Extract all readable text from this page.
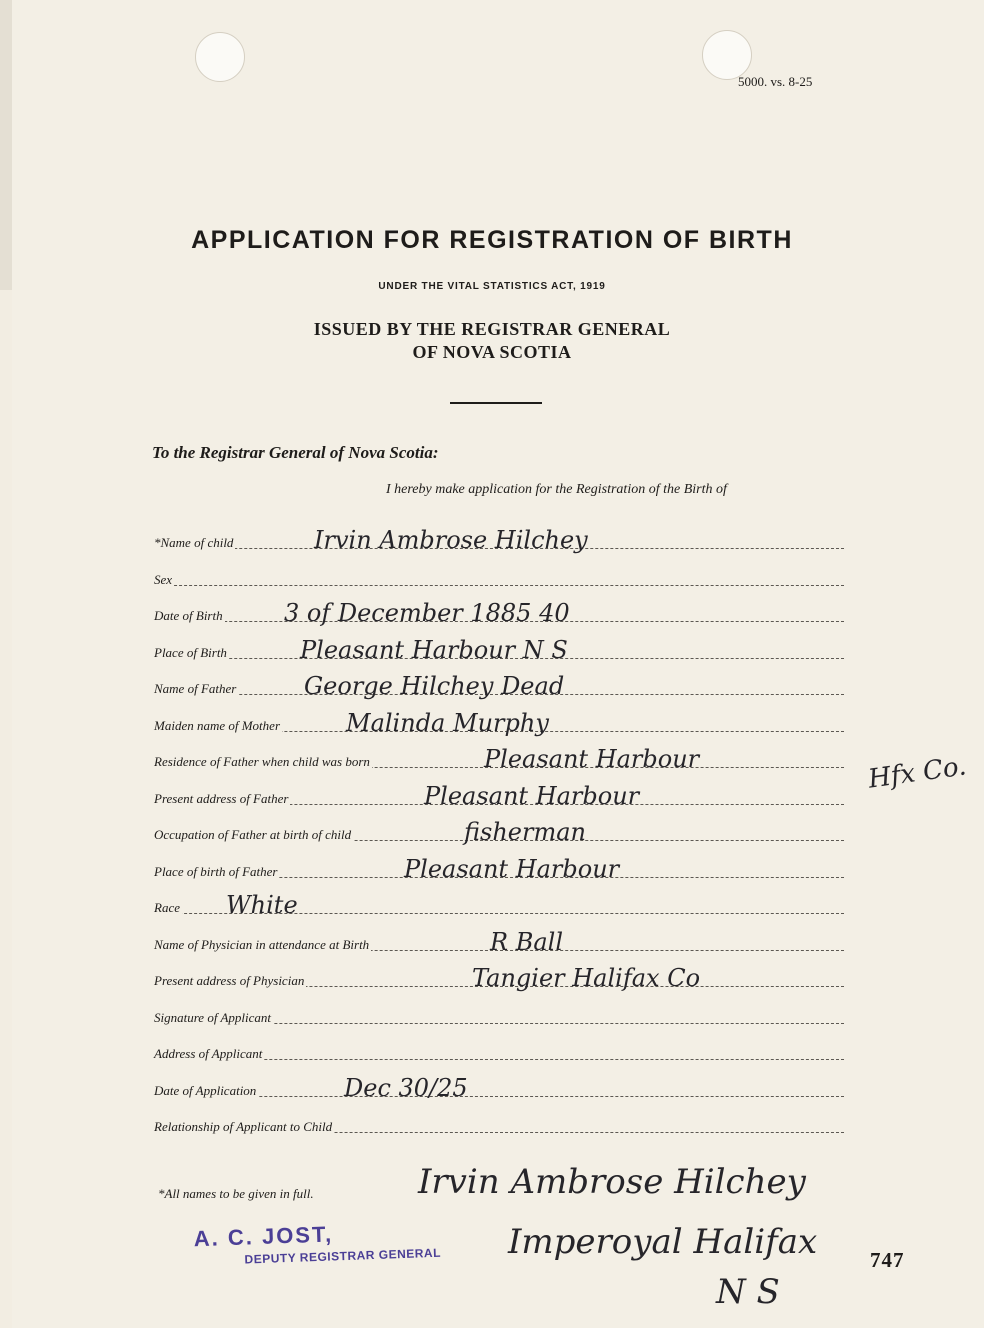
5000. vs. 8-25
APPLICATION FOR REGISTRATION OF BIRTH
UNDER THE VITAL STATISTICS ACT, 1919
ISSUED BY THE REGISTRAR GENERAL
OF NOVA SCOTIA
To the Registrar General of Nova Scotia:
I hereby make application for the Registration of the Birth of
*Name of child	Irvin Ambrose Hilchey
Sex
Date of Birth	3 of December 1885 40
Place of Birth	Pleasant Harbour N S
Name of Father	George Hilchey Dead
Maiden name of Mother	Malinda Murphy
Residence of Father when child was born	Pleasant Harbour
Present address of Father	Pleasant Harbour
Occupation of Father at birth of child	fisherman
Place of birth of Father	Pleasant Harbour
Race White
Name of Physician in attendance at Birth	R Ball
Present address of Physician	Tangier Halifax Co
Signature of Applicant
Address of Applicant
Date of Application	Dec 30/25
Relationship of Applicant to Child
Hfx Co.
*All names to be given in full.	Irvin Ambrose Hilchey
Imperoyal Halifax
N S
A. C. JOST,
DEPUTY REGISTRAR GENERAL	747
